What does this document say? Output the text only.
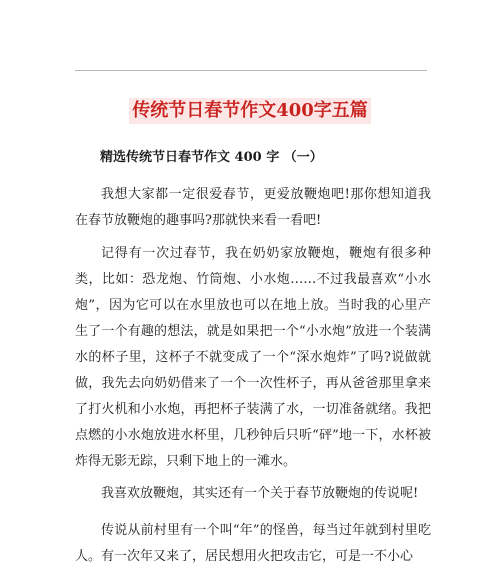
传统节日春节作文400字五篇
精选传统节日春节作文 400 字 （一）

我想大家都一定很爱春节，更爱放鞭炮吧!那你想知道我在春节放鞭炮的趣事吗?那就快来看一看吧!

记得有一次过春节，我在奶奶家放鞭炮，鞭炮有很多种类，比如：恐龙炮、竹筒炮、小水炮……不过我最喜欢“小水炮”，因为它可以在水里放也可以在地上放。当时我的心里产生了一个有趣的想法，就是如果把一个“小水炮”放进一个装满水的杯子里，这杯子不就变成了一个“深水炮炸”了吗?说做就做，我先去向奶奶借来了一个一次性杯子，再从爸爸那里拿来了打火机和小水炮，再把杯子装满了水，一切准备就绪。我把点燃的小水炮放进水杯里，几秒钟后只听“砰”地一下，水杯被炸得无影无踪，只剩下地上的一滩水。

我喜欢放鞭炮，其实还有一个关于春节放鞭炮的传说呢!

传说从前村里有一个叫“年”的怪兽，每当过年就到村里吃人。有一次年又来了，居民想用火把攻击它，可是一不小心
